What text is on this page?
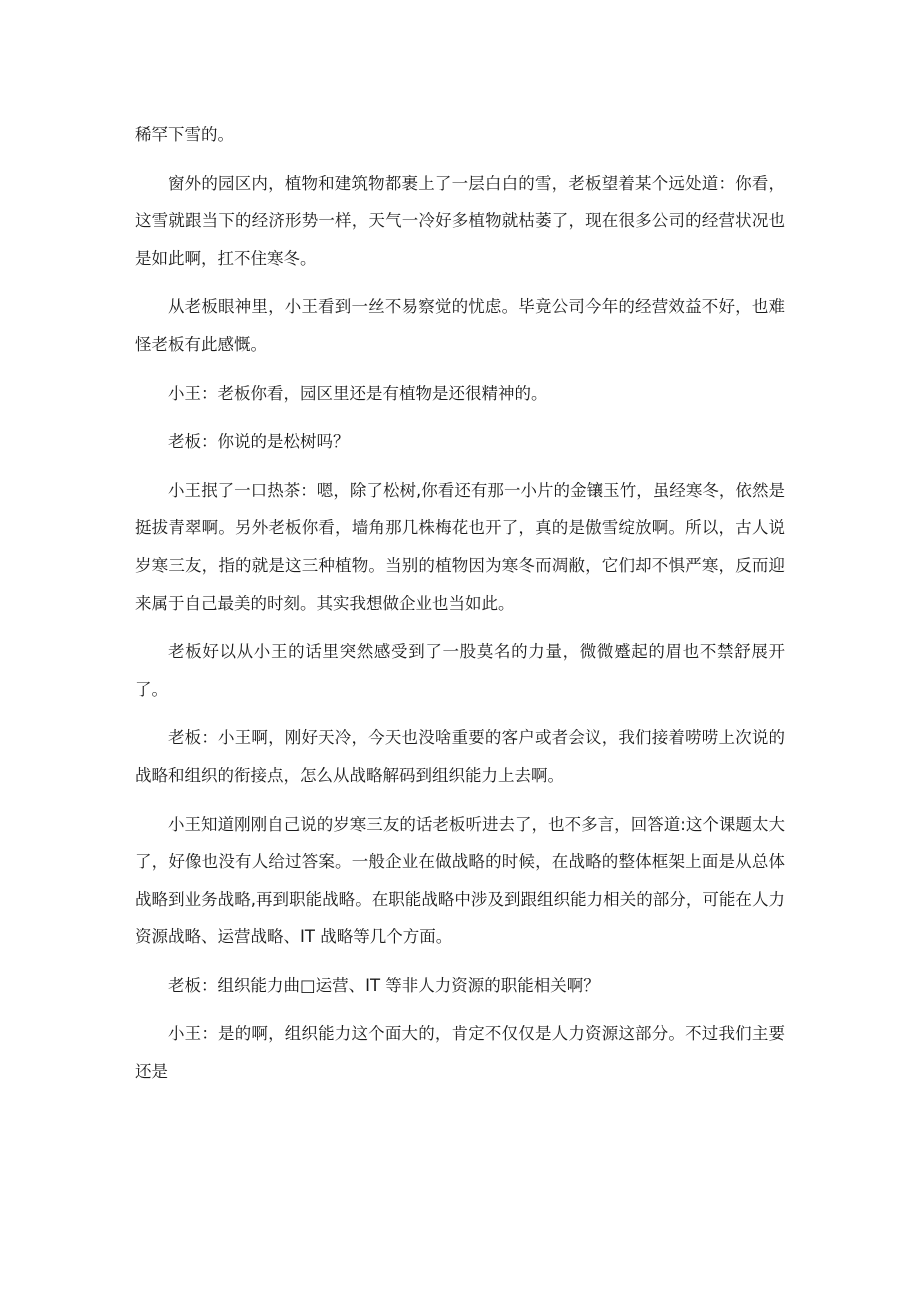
稀罕下雪的。

窗外的园区内，植物和建筑物都裹上了一层白白的雪，老板望着某个远处道：你看，这雪就跟当下的经济形势一样，天气一冷好多植物就枯萎了，现在很多公司的经营状况也是如此啊，扛不住寒冬。

从老板眼神里，小王看到一丝不易察觉的忧虑。毕竟公司今年的经营效益不好，也难怪老板有此感慨。

小王：老板你看，园区里还是有植物是还很精神的。

老板：你说的是松树吗？

小王抿了一口热茶：嗯，除了松树,你看还有那一小片的金镶玉竹，虽经寒冬，依然是挺拔青翠啊。另外老板你看，墙角那几株梅花也开了，真的是傲雪绽放啊。所以，古人说岁寒三友，指的就是这三种植物。当别的植物因为寒冬而凋敝，它们却不惧严寒，反而迎来属于自己最美的时刻。其实我想做企业也当如此。

老板好以从小王的话里突然感受到了一股莫名的力量，微微蹙起的眉也不禁舒展开了。

老板：小王啊，刚好天冷，今天也没啥重要的客户或者会议，我们接着唠唠上次说的战略和组织的衔接点，怎么从战略解码到组织能力上去啊。

小王知道刚刚自己说的岁寒三友的话老板听进去了，也不多言，回答道:这个课题太大了，好像也没有人给过答案。一般企业在做战略的时候，在战略的整体框架上面是从总体战略到业务战略,再到职能战略。在职能战略中涉及到跟组织能力相关的部分，可能在人力资源战略、运营战略、IT 战略等几个方面。

老板：组织能力曲□运营、IT 等非人力资源的职能相关啊？

小王：是的啊，组织能力这个面大的，肯定不仅仅是人力资源这部分。不过我们主要还是
